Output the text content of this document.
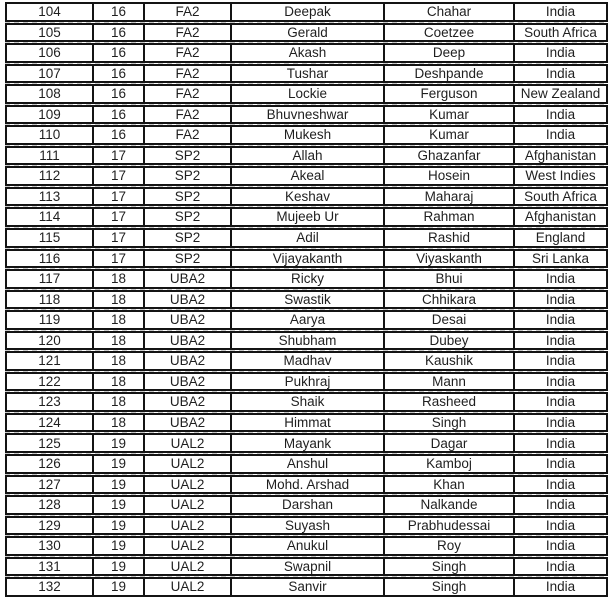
104	16	FA2	Deepak	Chahar	India
105	16	FA2	Gerald	Coetzee	South Africa
106	16	FA2	Akash	Deep	India
107	16	FA2	Tushar	Deshpande	India
108	16	FA2	Lockie	Ferguson	New Zealand
109	16	FA2	Bhuvneshwar	Kumar	India
110	16	FA2	Mukesh	Kumar	India
111	17	SP2	Allah	Ghazanfar	Afghanistan
112	17	SP2	Akeal	Hosein	West Indies
113	17	SP2	Keshav	Maharaj	South Africa
114	17	SP2	Mujeeb Ur	Rahman	Afghanistan
115	17	SP2	Adil	Rashid	England
116	17	SP2	Vijayakanth	Viyaskanth	Sri Lanka
117	18	UBA2	Ricky	Bhui	India
118	18	UBA2	Swastik	Chhikara	India
119	18	UBA2	Aarya	Desai	India
120	18	UBA2	Shubham	Dubey	India
121	18	UBA2	Madhav	Kaushik	India
122	18	UBA2	Pukhraj	Mann	India
123	18	UBA2	Shaik	Rasheed	India
124	18	UBA2	Himmat	Singh	India
125	19	UAL2	Mayank	Dagar	India
126	19	UAL2	Anshul	Kamboj	India
127	19	UAL2	Mohd. Arshad	Khan	India
128	19	UAL2	Darshan	Nalkande	India
129	19	UAL2	Suyash	Prabhudessai	India
130	19	UAL2	Anukul	Roy	India
131	19	UAL2	Swapnil	Singh	India
132	19	UAL2	Sanvir	Singh	India
